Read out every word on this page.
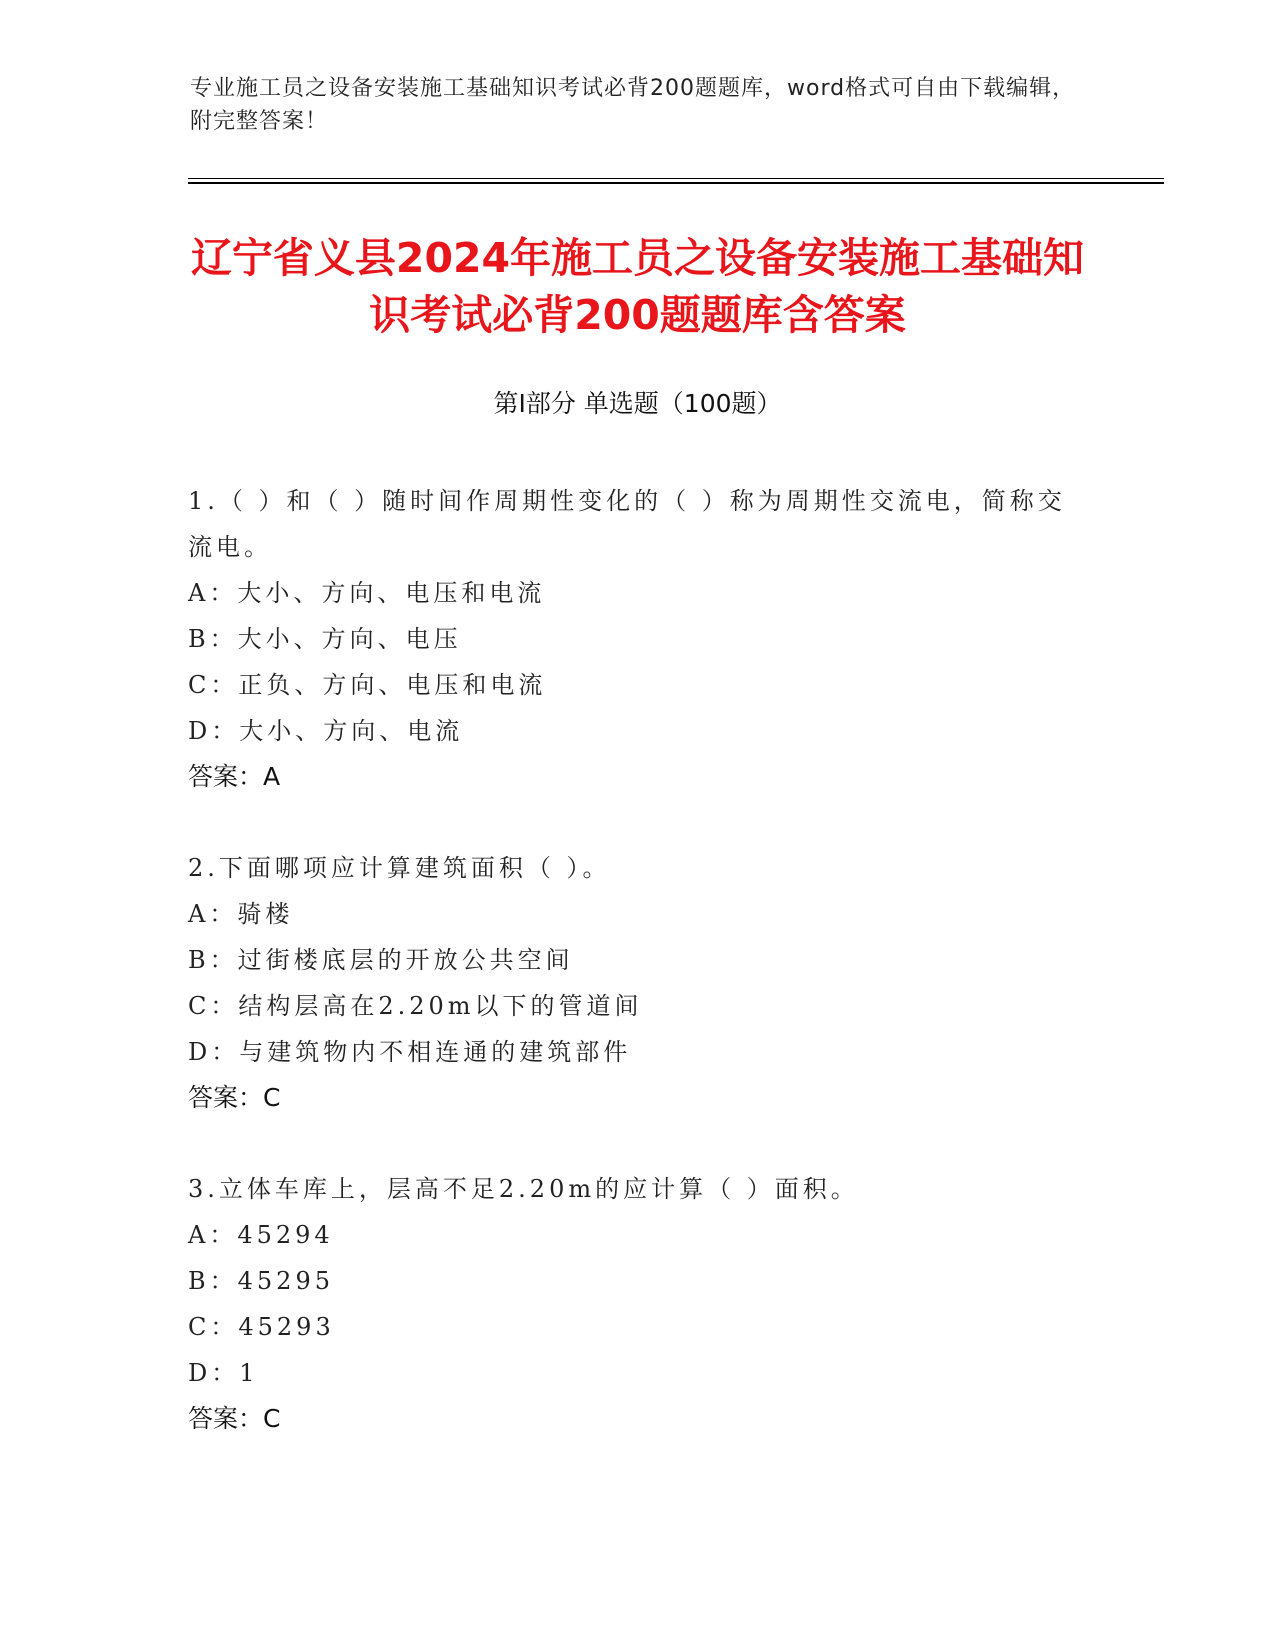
专业施工员之设备安装施工基础知识考试必背200题题库，word格式可自由下载编辑，附完整答案！
辽宁省义县2024年施工员之设备安装施工基础知识考试必背200题题库含答案
第Ⅰ部分 单选题（100题）
1.（ ）和（ ）随时间作周期性变化的（ ）称为周期性交流电，简称交流电。
A：大小、方向、电压和电流
B：大小、方向、电压
C：正负、方向、电压和电流
D：大小、方向、电流
答案：A
2.下面哪项应计算建筑面积（ ）。
A：骑楼
B：过街楼底层的开放公共空间
C：结构层高在2.20m以下的管道间
D：与建筑物内不相连通的建筑部件
答案：C
3.立体车库上，层高不足2.20m的应计算（ ）面积。
A：45294
B：45295
C：45293
D：1
答案：C
